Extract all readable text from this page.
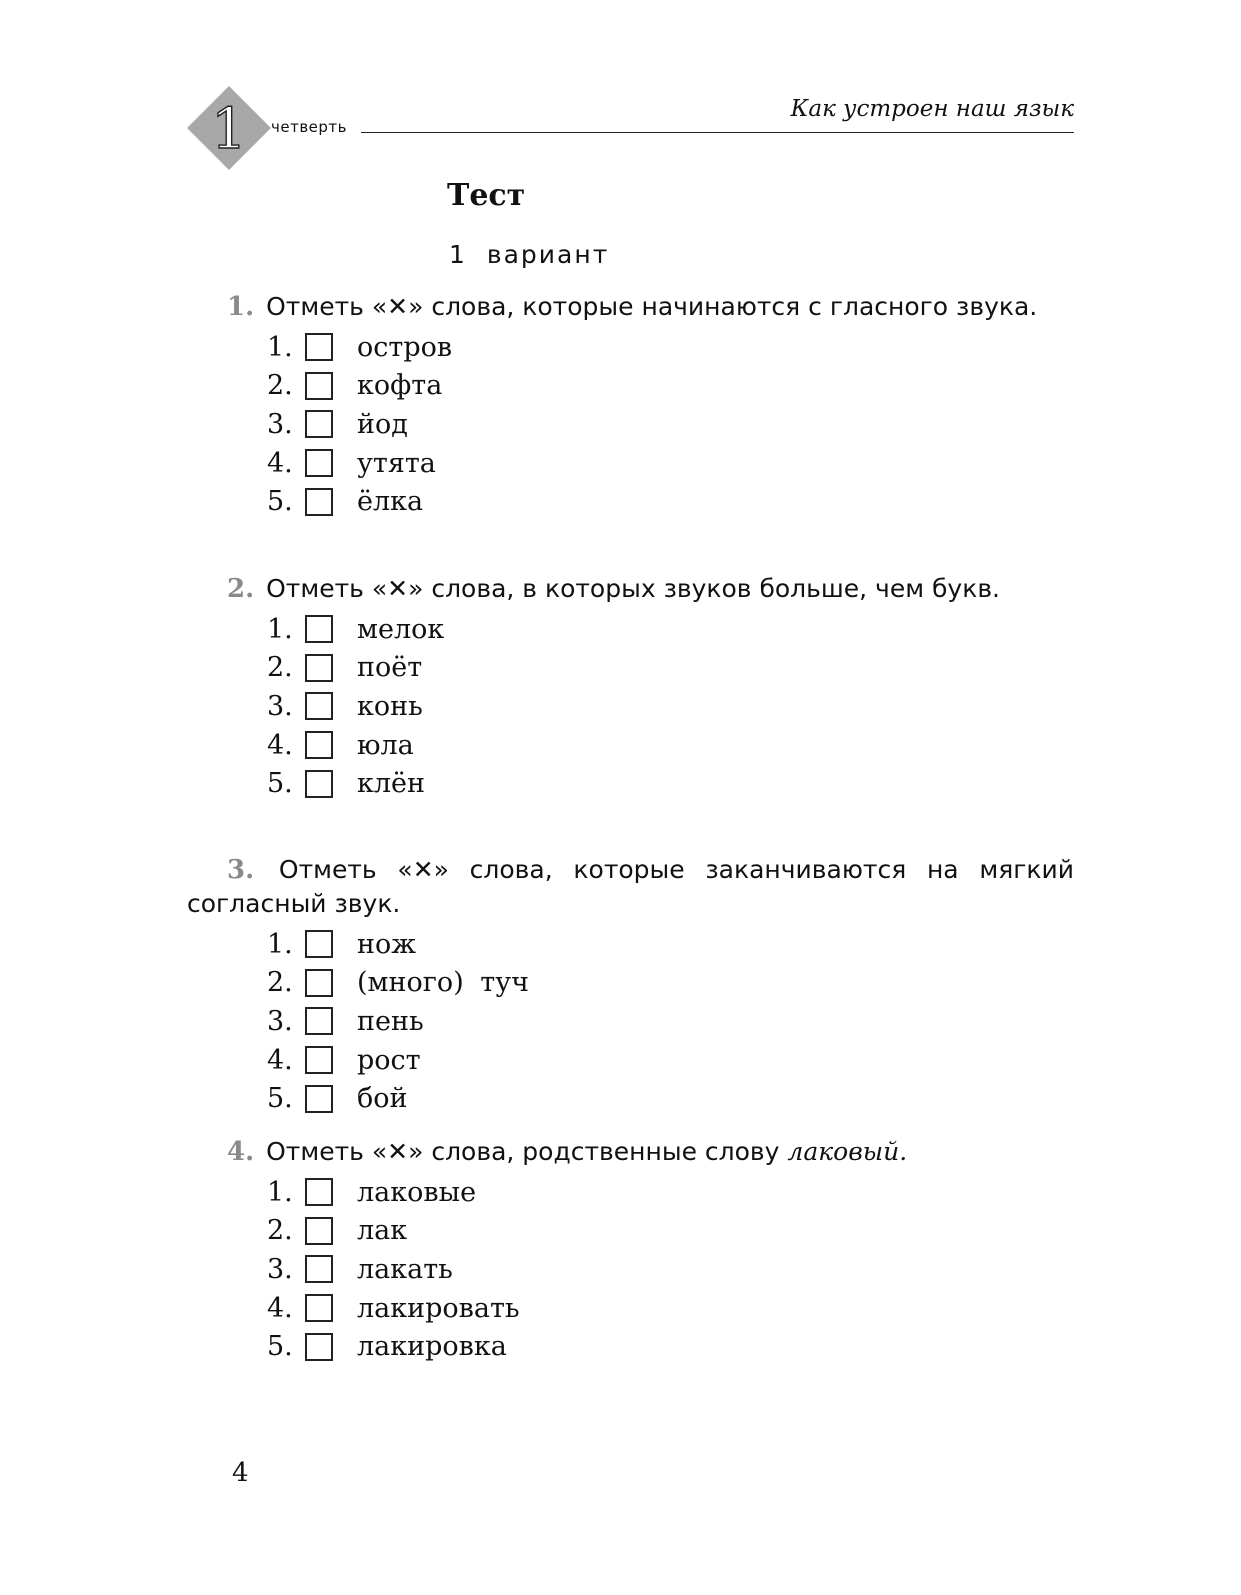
1 четверть
Как устроен наш язык
Тест
1 вариант

1. Отметь «✕» слова, которые начинаются с гласного звука.

1.	остров
2.	кофта
3.	йод
4.	утята
5.	ёлка

2. Отметь «✕» слова, в которых звуков больше, чем букв.

1.	мелок
2.	поёт
3.	конь
4.	юла
5.	клён

3. Отметь «✕» слова, которые заканчиваются на мягкий согласный звук.

1.	нож
2.	(много) туч
3.	пень
4.	рост
5.	бой

4. Отметь «✕» слова, родственные слову лаковый.

1.	лаковые
2.	лак
3.	лакать
4.	лакировать
5.	лакировка
4
